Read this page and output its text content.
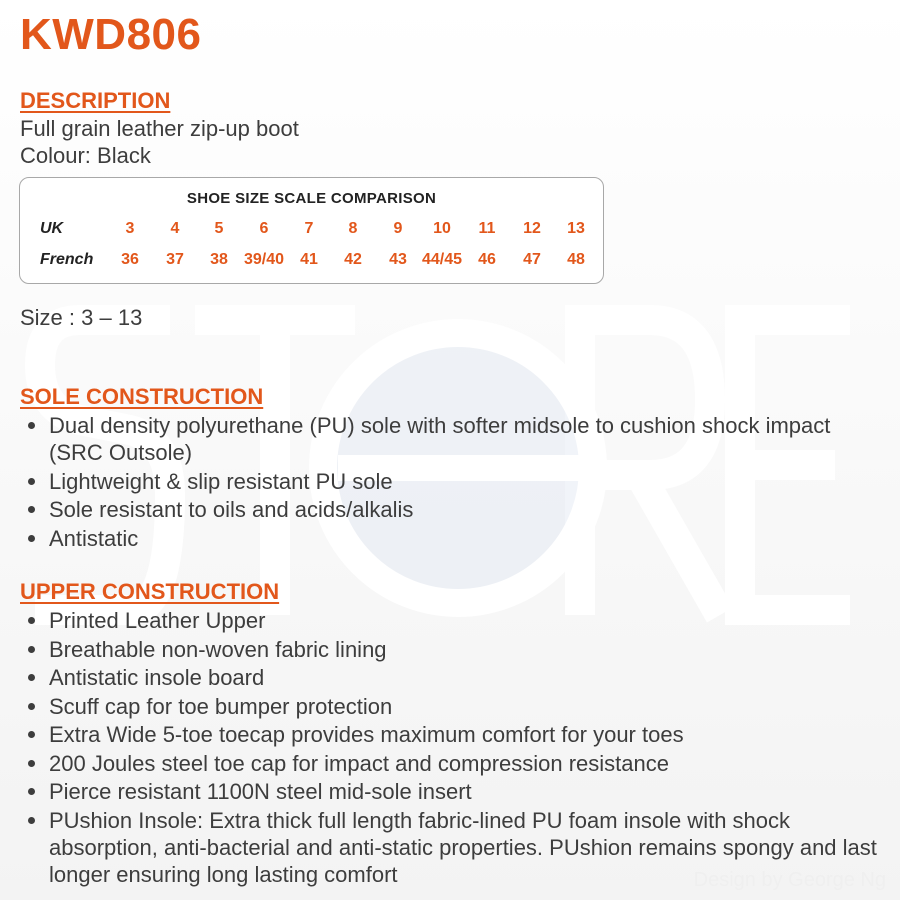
Design by George Ng
KWD806
DESCRIPTION
Full grain leather zip-up boot
Colour: Black
SHOE SIZE SCALE COMPARISON
UK	3	4	5	6	7	8	9	10	11	12	13
French	36	37	38	39/40	41	42	43 44/45	46	47	48
Size : 3 – 13
SOLE CONSTRUCTION
Dual density polyurethane (PU) sole with softer midsole to cushion shock impact (SRC Outsole)
Lightweight & slip resistant PU sole
Sole resistant to oils and acids/alkalis
Antistatic
UPPER CONSTRUCTION
Printed Leather Upper
Breathable non-woven fabric lining
Antistatic insole board
Scuff cap for toe bumper protection
Extra Wide 5-toe toecap provides maximum comfort for your toes
200 Joules steel toe cap for impact and compression resistance
Pierce resistant 1100N steel mid-sole insert
PUshion Insole: Extra thick full length fabric-lined PU foam insole with shock absorption, anti-bacterial and anti-static properties. PUshion remains spongy and last longer ensuring long lasting comfort
